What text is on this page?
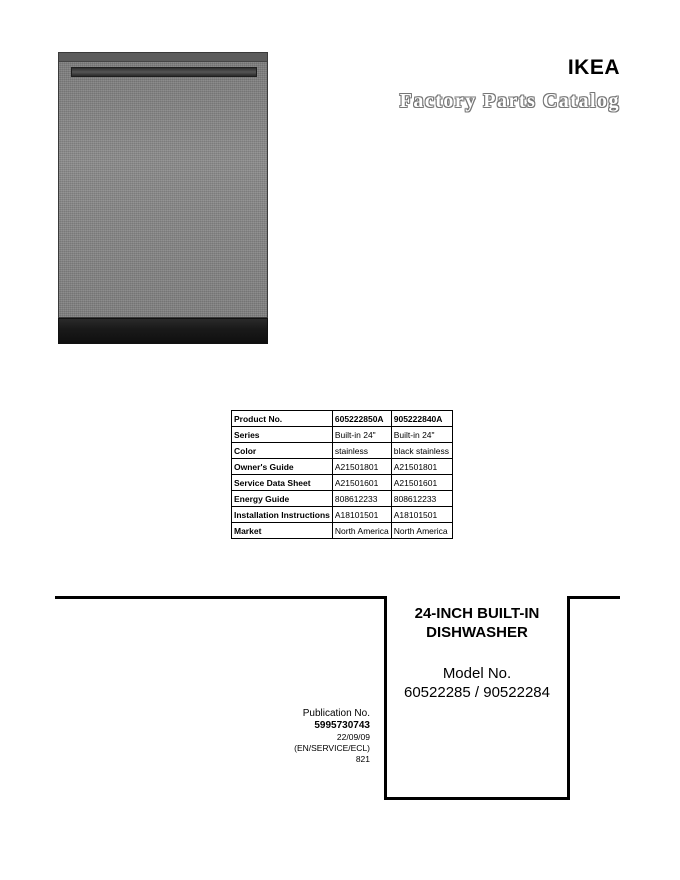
IKEA
Factory Parts Catalog
Product No.	605222850A	905222840A
Series	Built-in 24"	Built-in 24"
Color	stainless	black stainless
Owner's Guide	A21501801	A21501801
Service Data Sheet	A21501601	A21501601
Energy Guide	808612233	808612233
Installation Instructions	A18101501	A18101501
Market	North America	North America
24-INCH BUILT-IN
DISHWASHER
Model No.
60522285 / 90522284
Publication No.
5995730743
22/09/09
(EN/SERVICE/ECL)
821
